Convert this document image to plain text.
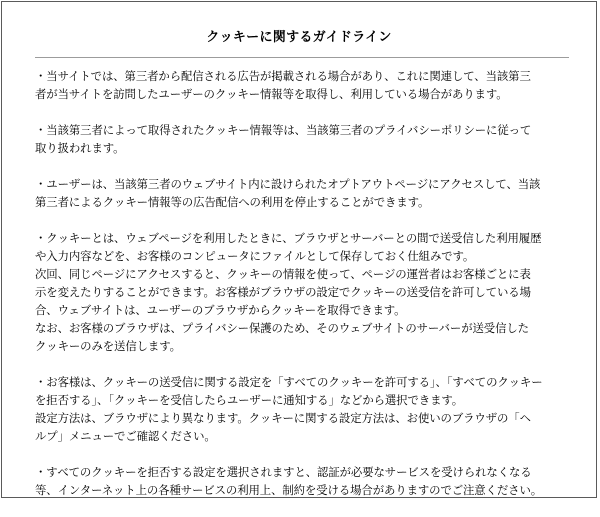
クッキーに関するガイドライン

・当サイトでは、第三者から配信される広告が掲載される場合があり、これに関連して、当該第三
者が当サイトを訪問したユーザーのクッキー情報等を取得し、利用している場合があります。

・当該第三者によって取得されたクッキー情報等は、当該第三者のプライバシーポリシーに従って
取り扱われます。

・ユーザーは、当該第三者のウェブサイト内に設けられたオプトアウトページにアクセスして、当該
第三者によるクッキー情報等の広告配信への利用を停止することができます。

・クッキーとは、ウェブページを利用したときに、ブラウザとサーバーとの間で送受信した利用履歴
や入力内容などを、お客様のコンピュータにファイルとして保存しておく仕組みです。
次回、同じページにアクセスすると、クッキーの情報を使って、ページの運営者はお客様ごとに表
示を変えたりすることができます。お客様がブラウザの設定でクッキーの送受信を許可している場
合、ウェブサイトは、ユーザーのブラウザからクッキーを取得できます。
なお、お客様のブラウザは、プライバシー保護のため、そのウェブサイトのサーバーが送受信した
クッキーのみを送信します。

・お客様は、クッキーの送受信に関する設定を「すべてのクッキーを許可する」、「すべてのクッキー
を拒否する」、「クッキーを受信したらユーザーに通知する」などから選択できます。
設定方法は、ブラウザにより異なります。クッキーに関する設定方法は、お使いのブラウザの「ヘ
ルプ」メニューでご確認ください。

・すべてのクッキーを拒否する設定を選択されますと、認証が必要なサービスを受けられなくなる
等、インターネット上の各種サービスの利用上、制約を受ける場合がありますのでご注意ください。
